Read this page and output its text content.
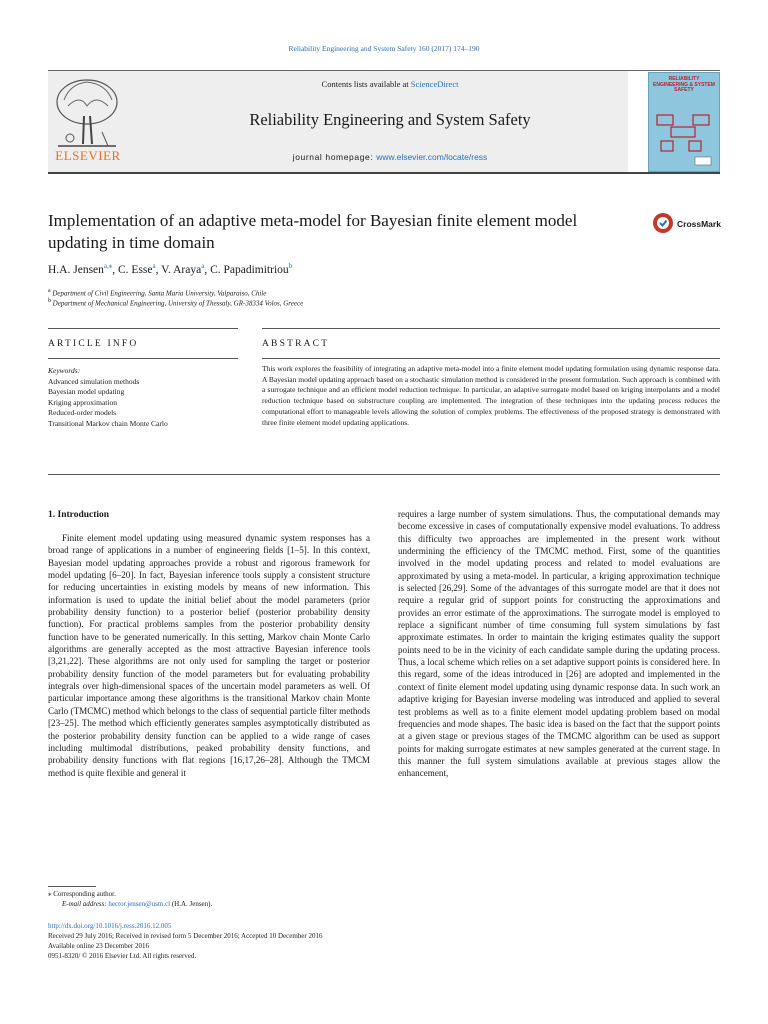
Reliability Engineering and System Safety 160 (2017) 174–190
ELSEVIER
Contents lists available at ScienceDirect
Reliability Engineering and System Safety
journal homepage: www.elsevier.com/locate/ress
RELIABILITY ENGINEERING & SYSTEM SAFETY
Implementation of an adaptive meta-model for Bayesian finite element model updating in time domain
CrossMark
H.A. Jensen$^{a,⁎}$, C. Esse$^a$, V. Araya$^a$, C. Papadimitriou$^b$
$^a$ Department of Civil Engineering, Santa Maria University, Valparaiso, Chile
$^b$ Department of Mechanical Engineering, University of Thessaly, GR-38334 Volos, Greece
ARTICLE INFO	ABSTRACT
Keywords:
Advanced simulation methods
Bayesian model updating
Kriging approximation
Reduced-order models
Transitional Markov chain Monte Carlo
This work explores the feasibility of integrating an adaptive meta-model into a finite element model updating formulation using dynamic response data. A Bayesian model updating approach based on a stochastic simulation method is considered in the present formulation. Such approach is combined with a surrogate technique and an efficient model reduction technique. In particular, an adaptive surrogate model based on kriging interpolants and a model reduction technique based on substructure coupling are implemented. The integration of these techniques into the updating process reduces the computational effort to manageable levels allowing the solution of complex problems. The effectiveness of the proposed strategy is demonstrated with three finite element model updating applications.
1. Introduction

Finite element model updating using measured dynamic system responses has a broad range of applications in a number of engineering fields [1–5]. In this context, Bayesian model updating approaches provide a robust and rigorous framework for model updating [6–20]. In fact, Bayesian inference tools supply a consistent structure for reducing uncertainties in existing models by means of new information. This information is used to update the initial belief about the model parameters (prior probability density function) to a posterior belief (posterior probability density function). For practical problems samples from the posterior probability density function have to be generated numerically. In this setting, Markov chain Monte Carlo algorithms are generally accepted as the most attractive Bayesian inference tools [3,21,22]. These algorithms are not only used for sampling the target or posterior probability density function of the model parameters but for evaluating probability integrals over high-dimensional spaces of the uncertain model parameters as well. Of particular importance among these algorithms is the transitional Markov chain Monte Carlo (TMCMC) method which belongs to the class of sequential particle filter methods [23–25]. The method which efficiently generates samples asymptotically distributed as the posterior probability density function can be applied to a wide range of cases including multimodal distributions, peaked probability density functions, and probability density functions with flat regions [16,17,26–28]. Although the TMCM method is quite flexible and general it

requires a large number of system simulations. Thus, the computational demands may become excessive in cases of computationally expensive model evaluations. To address this difficulty two approaches are implemented in the present work without undermining the efficiency of the TMCMC method. First, some of the quantities involved in the model updating process and related to model evaluations are approximated by using a meta-model. In particular, a kriging approximation technique is selected [26,29]. Some of the advantages of this surrogate model are that it does not require a regular grid of support points for constructing the approximations and provides an error estimate of the approximations. The surrogate model is employed to replace a significant number of time consuming full system simulations by fast approximate estimates. In order to maintain the kriging estimates quality the support points need to be in the vicinity of each candidate sample during the updating process. Thus, a local scheme which relies on a set adaptive support points is considered here. In this regard, some of the ideas introduced in [26] are adopted and implemented in the context of finite element model updating using dynamic response data. In such work an adaptive kriging for Bayesian inverse modeling was introduced and applied to several test problems as well as to a finite element model updating problem based on modal frequencies and mode shapes. The basic idea is based on the fact that the support points at a given stage or previous stages of the TMCMC algorithm can be used as support points for making surrogate estimates at new samples generated at the current stage. In this manner the full system simulations available at previous stages allow the enhancement,

⁎ Corresponding author.
E-mail address: hector.jensen@usm.cl (H.A. Jensen).
http://dx.doi.org/10.1016/j.ress.2016.12.005
Received 29 July 2016; Received in revised form 5 December 2016; Accepted 10 December 2016
Available online 23 December 2016
0951-8320/ © 2016 Elsevier Ltd. All rights reserved.
